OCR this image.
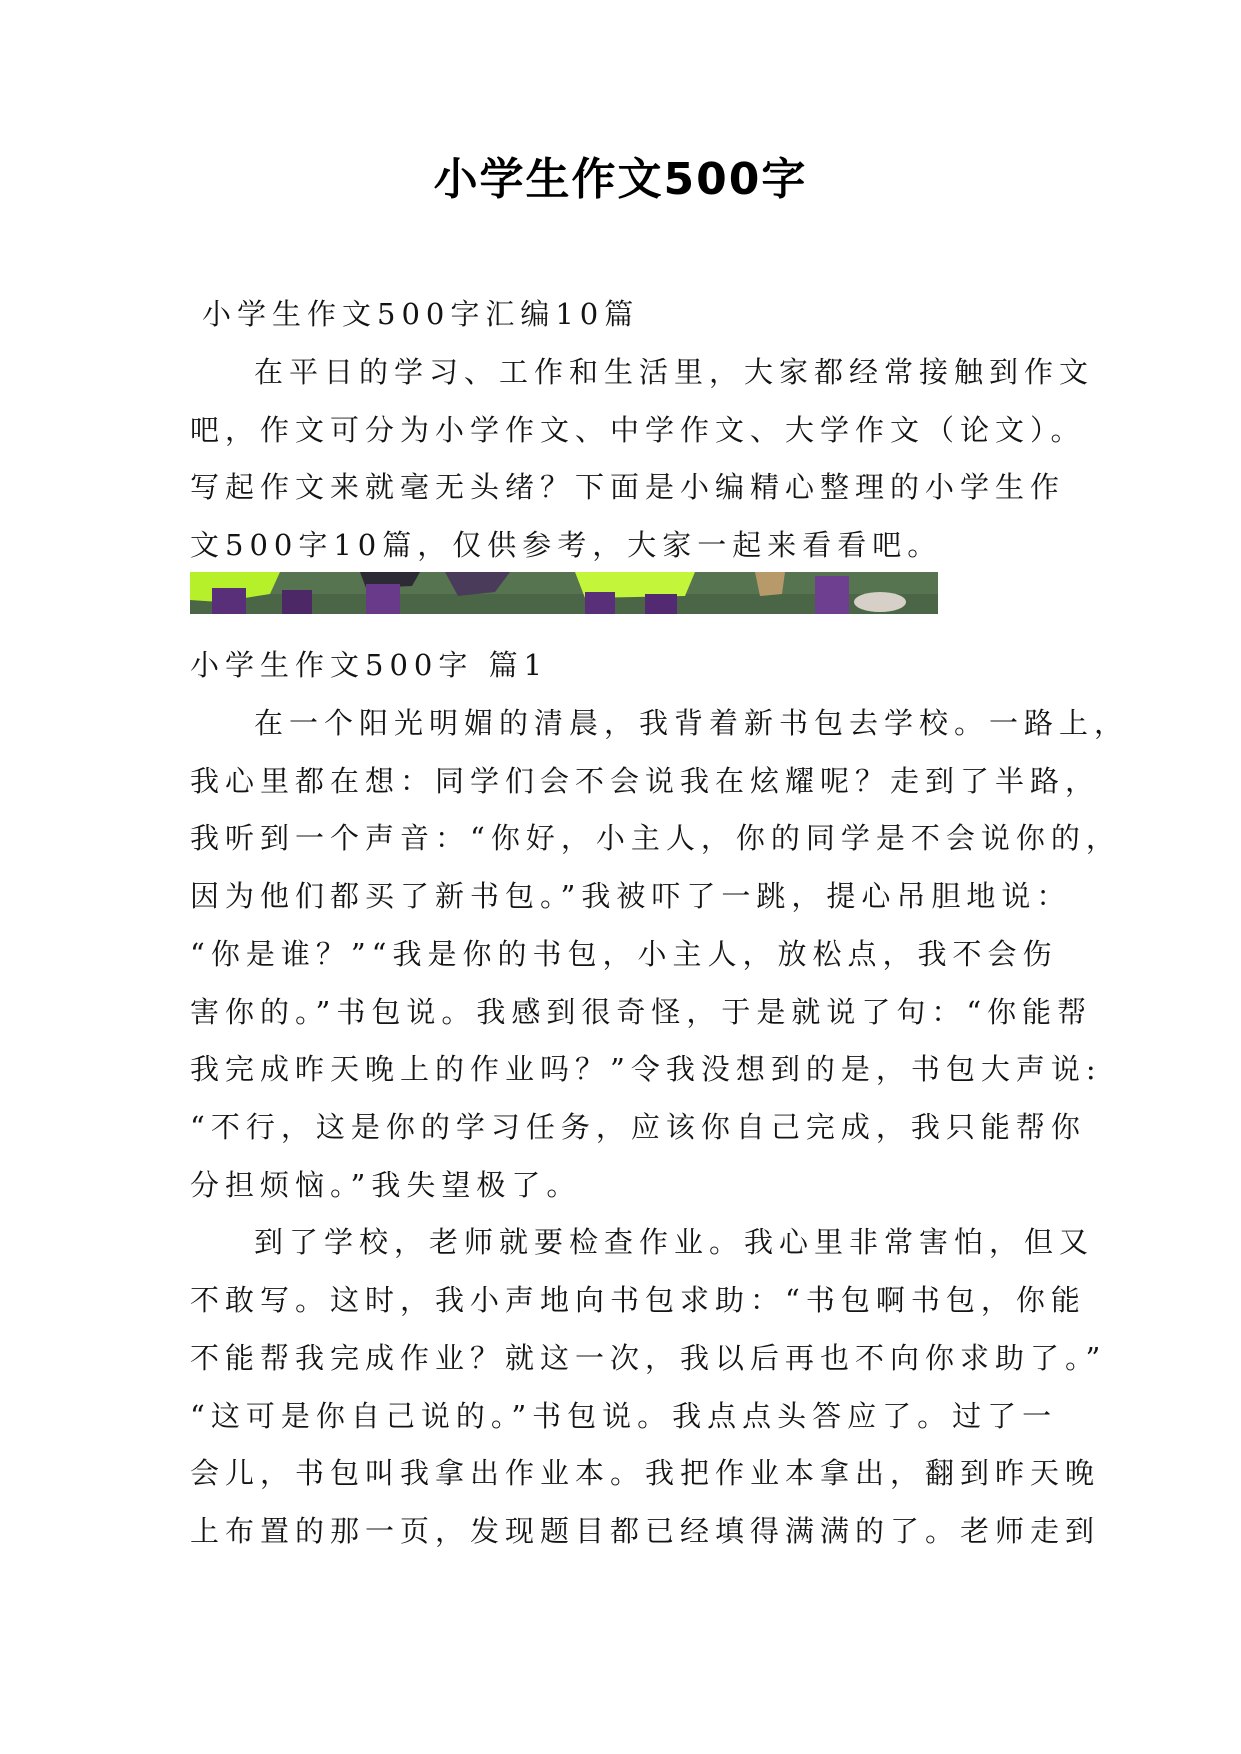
小学生作文500字
小学生作文500字汇编10篇
在平日的学习、工作和生活里，大家都经常接触到作文
吧，作文可分为小学作文、中学作文、大学作文（论文）。
写起作文来就毫无头绪？下面是小编精心整理的小学生作
文500字10篇，仅供参考，大家一起来看看吧。
小学生作文500字 篇1
在一个阳光明媚的清晨，我背着新书包去学校。一路上，
我心里都在想：同学们会不会说我在炫耀呢？走到了半路，
我听到一个声音：“你好，小主人，你的同学是不会说你的，
因为他们都买了新书包。”我被吓了一跳，提心吊胆地说：
“你是谁？”“我是你的书包，小主人，放松点，我不会伤
害你的。”书包说。我感到很奇怪，于是就说了句：“你能帮
我完成昨天晚上的作业吗？”令我没想到的是，书包大声说:
“不行，这是你的学习任务，应该你自己完成，我只能帮你
分担烦恼。”我失望极了。
到了学校，老师就要检查作业。我心里非常害怕，但又
不敢写。这时，我小声地向书包求助：“书包啊书包，你能
不能帮我完成作业？就这一次，我以后再也不向你求助了。”
“这可是你自己说的。”书包说。我点点头答应了。过了一
会儿，书包叫我拿出作业本。我把作业本拿出，翻到昨天晚
上布置的那一页，发现题目都已经填得满满的了。老师走到
